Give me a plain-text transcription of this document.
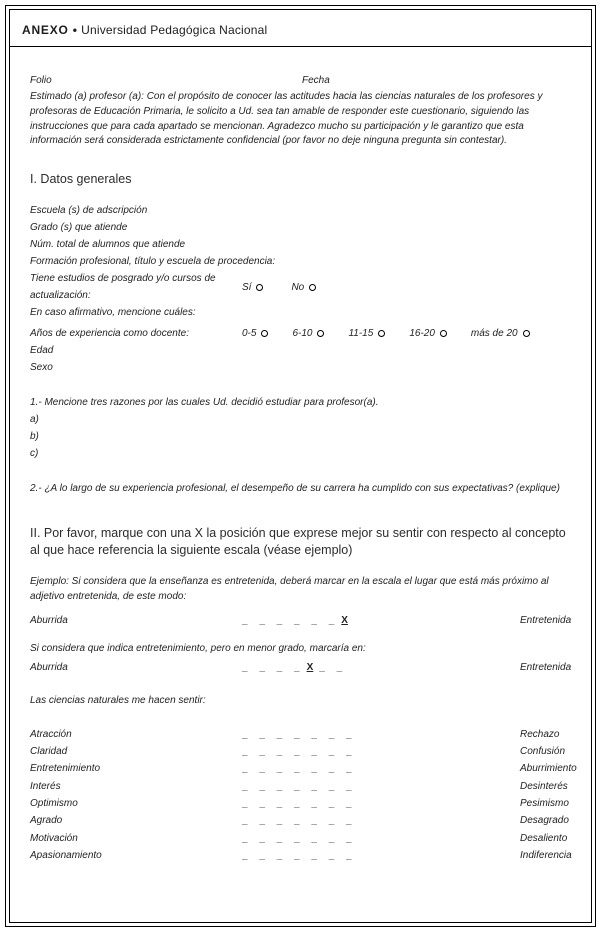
ANEXO • Universidad Pedagógica Nacional
Folio	Fecha

Estimado (a) profesor (a): Con el propósito de conocer las actitudes hacia las ciencias naturales de los profesores y profesoras de Educación Primaria, le solicito a Ud. sea tan amable de responder este cuestionario, siguiendo las instrucciones que para cada apartado se mencionan. Agradezco mucho su participación y le garantizo que esta información será considerada estrictamente confidencial (por favor no deje ninguna pregunta sin contestar).

I. Datos generales
Escuela (s) de adscripción
Grado (s) que atiende
Núm. total de alumnos que atiende
Formación profesional, título y escuela de procedencia:
Tiene estudios de posgrado y/o cursos de actualización:
Sí	No
En caso afirmativo, mencione cuáles:
Años de experiencia como docente:	0-5	6-10	11-15	16-20	más de 20
Edad
Sexo
1.- Mencione tres razones por las cuales Ud. decidió estudiar para profesor(a).
a)
b)
c)
2.- ¿A lo largo de su experiencia profesional, el desempeño de su carrera ha cumplido con sus expectativas? (explique)
II. Por favor, marque con una X la posición que exprese mejor su sentir con respecto al concepto al que hace referencia la siguiente escala (véase ejemplo)

Ejemplo: Si considera que la enseñanza es entretenida, deberá marcar en la escala el lugar que está más próximo al adjetivo entretenida, de este modo:

Aburrida	_ _ _ _ _ _ X	Entretenida

Si considera que indica entretenimiento, pero en menor grado, marcaría en:

Aburrida	_ _ _ _ X _ _	Entretenida

Las ciencias naturales me hacen sentir:

Atracción	_ _ _ _ _ _ _	Rechazo
Claridad	_ _ _ _ _ _ _	Confusión
Entretenimiento	_ _ _ _ _ _ _	Aburrimiento
Interés	_ _ _ _ _ _ _	Desinterés
Optimismo	_ _ _ _ _ _ _	Pesimismo
Agrado	_ _ _ _ _ _ _	Desagrado
Motivación	_ _ _ _ _ _ _	Desaliento
Apasionamiento	_ _ _ _ _ _ _	Indiferencia
